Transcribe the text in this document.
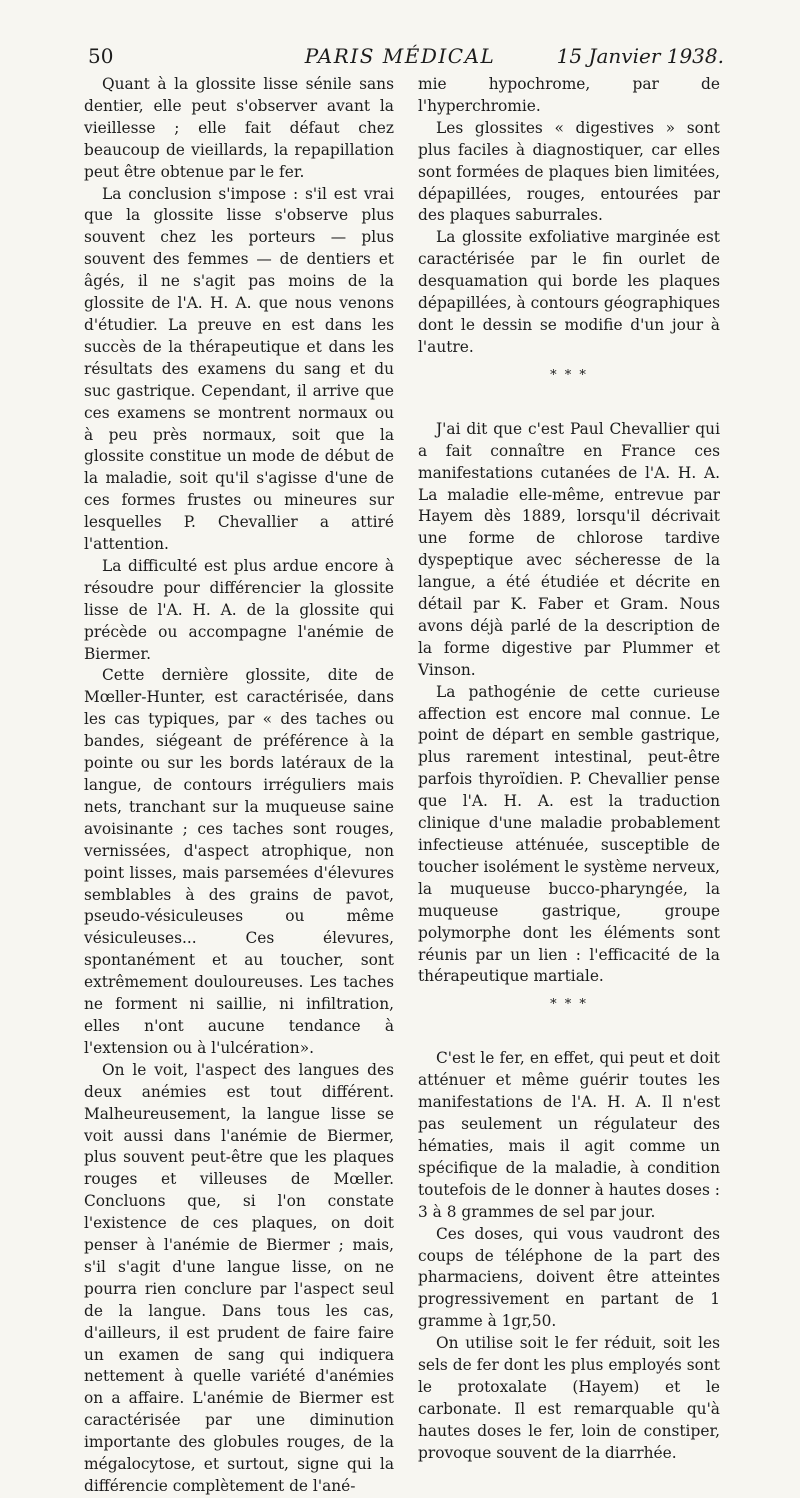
50	PARIS MÉDICAL	15 Janvier 1938.

Quant à la glossite lisse sénile sans dentier, elle peut s'observer avant la vieillesse ; elle fait défaut chez beaucoup de vieillards, la repapillation peut être obtenue par le fer.

La conclusion s'impose : s'il est vrai que la glossite lisse s'observe plus souvent chez les porteurs — plus souvent des femmes — de dentiers et âgés, il ne s'agit pas moins de la glossite de l'A. H. A. que nous venons d'étudier. La preuve en est dans les succès de la thérapeutique et dans les résultats des examens du sang et du suc gastrique. Cependant, il arrive que ces examens se montrent normaux ou à peu près normaux, soit que la glossite constitue un mode de début de la maladie, soit qu'il s'agisse d'une de ces formes frustes ou mineures sur lesquelles P. Chevallier a attiré l'attention.

La difficulté est plus ardue encore à résoudre pour différencier la glossite lisse de l'A. H. A. de la glossite qui précède ou accompagne l'anémie de Biermer.

Cette dernière glossite, dite de Mœller-Hunter, est caractérisée, dans les cas typiques, par « des taches ou bandes, siégeant de préférence à la pointe ou sur les bords latéraux de la langue, de contours irréguliers mais nets, tranchant sur la muqueuse saine avoisinante ; ces taches sont rouges, vernissées, d'aspect atrophique, non point lisses, mais parsemées d'élevures semblables à des grains de pavot, pseudo-vésiculeuses ou même vésiculeuses... Ces élevures, spontanément et au toucher, sont extrêmement douloureuses. Les taches ne forment ni saillie, ni infiltration, elles n'ont aucune tendance à l'extension ou à l'ulcération».

On le voit, l'aspect des langues des deux anémies est tout différent. Malheureusement, la langue lisse se voit aussi dans l'anémie de Biermer, plus souvent peut-être que les plaques rouges et villeuses de Mœller. Concluons que, si l'on constate l'existence de ces plaques, on doit penser à l'anémie de Biermer ; mais, s'il s'agit d'une langue lisse, on ne pourra rien conclure par l'aspect seul de la langue. Dans tous les cas, d'ailleurs, il est prudent de faire faire un examen de sang qui indiquera nettement à quelle variété d'anémies on a affaire. L'anémie de Biermer est caractérisée par une diminution importante des globules rouges, de la mégalocytose, et surtout, signe qui la différencie complètement de l'ané-

mie hypochrome, par de l'hyperchromie.

Les glossites « digestives » sont plus faciles à diagnostiquer, car elles sont formées de plaques bien limitées, dépapillées, rouges, entourées par des plaques saburrales.

La glossite exfoliative marginée est caractérisée par le fin ourlet de desquamation qui borde les plaques dépapillées, à contours géographiques dont le dessin se modifie d'un jour à l'autre.

* * *

J'ai dit que c'est Paul Chevallier qui a fait connaître en France ces manifestations cutanées de l'A. H. A. La maladie elle-même, entrevue par Hayem dès 1889, lorsqu'il décrivait une forme de chlorose tardive dyspeptique avec sécheresse de la langue, a été étudiée et décrite en détail par K. Faber et Gram. Nous avons déjà parlé de la description de la forme digestive par Plummer et Vinson.

La pathogénie de cette curieuse affection est encore mal connue. Le point de départ en semble gastrique, plus rarement intestinal, peut-être parfois thyroïdien. P. Chevallier pense que l'A. H. A. est la traduction clinique d'une maladie probablement infectieuse atténuée, susceptible de toucher isolément le système nerveux, la muqueuse bucco-pharyngée, la muqueuse gastrique, groupe polymorphe dont les éléments sont réunis par un lien : l'efficacité de la thérapeutique martiale.

* * *

C'est le fer, en effet, qui peut et doit atténuer et même guérir toutes les manifestations de l'A. H. A. Il n'est pas seulement un régulateur des hématies, mais il agit comme un spécifique de la maladie, à condition toutefois de le donner à hautes doses : 3 à 8 grammes de sel par jour.

Ces doses, qui vous vaudront des coups de téléphone de la part des pharmaciens, doivent être atteintes progressivement en partant de 1 gramme à 1gr,50.

On utilise soit le fer réduit, soit les sels de fer dont les plus employés sont le protoxalate (Hayem) et le carbonate. Il est remarquable qu'à hautes doses le fer, loin de constiper, provoque souvent de la diarrhée.
